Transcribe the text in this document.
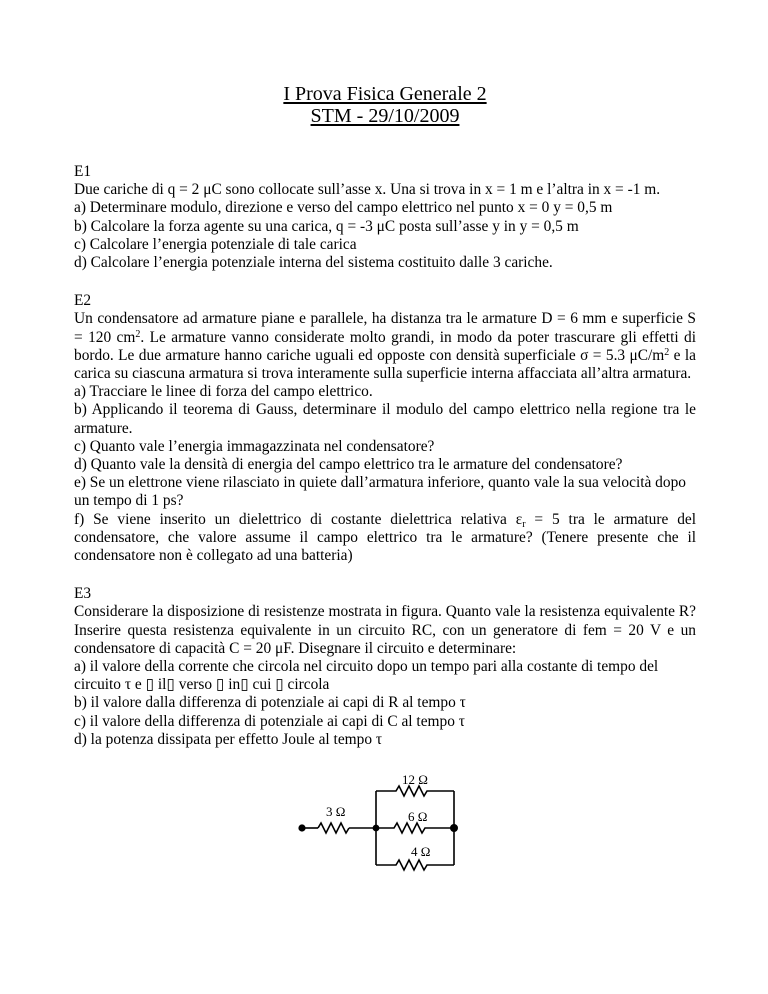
I Prova Fisica Generale 2
STM - 29/10/2009

E1

Due cariche di q = 2 μC sono collocate sull’asse x. Una si trova in x = 1 m e l’altra in x = -1 m.

a) Determinare modulo, direzione e verso del campo elettrico nel punto x = 0 y = 0,5 m

b) Calcolare la forza agente su una carica, q = -3 μC posta sull’asse y in y = 0,5 m

c) Calcolare l’energia potenziale di tale carica

d) Calcolare l’energia potenziale interna del sistema costituito dalle 3 cariche.

E2

Un condensatore ad armature piane e parallele, ha distanza tra le armature D = 6 mm e superficie S = 120 $cm^2$. Le armature vanno considerate molto grandi, in modo da poter trascurare gli effetti di bordo. Le due armature hanno cariche uguali ed opposte con densità superficiale σ = 5.3 $\mu C/m^2$ e la carica su ciascuna armatura si trova interamente sulla superficie interna affacciata all’altra armatura.

a) Tracciare le linee di forza del campo elettrico.

b) Applicando il teorema di Gauss, determinare il modulo del campo elettrico nella regione tra le armature.

c) Quanto vale l’energia immagazzinata nel condensatore?

d) Quanto vale la densità di energia del campo elettrico tra le armature del condensatore?

e) Se un elettrone viene rilasciato in quiete dall’armatura inferiore, quanto vale la sua velocità dopo un tempo di 1 ps?

f) Se viene inserito un dielettrico di costante dielettrica relativa $\varepsilon_r = 5$ tra le armature del condensatore, che valore assume il campo elettrico tra le armature? (Tenere presente che il condensatore non è collegato ad una batteria)

E3

Considerare la disposizione di resistenze mostrata in figura. Quanto vale la resistenza equivalente R? Inserire questa resistenza equivalente in un circuito RC, con un generatore di fem = 20 V e un condensatore di capacità C = 20 μF. Disegnare il circuito e determinare:

a) il valore della corrente che circola nel circuito dopo un tempo pari alla costante di tempo del circuito τ e ▯ il▯ verso ▯ in▯ cui ▯ circola

b) il valore dalla differenza di potenziale ai capi di R al tempo τ

c) il valore della differenza di potenziale ai capi di C al tempo τ

d) la potenza dissipata per effetto Joule al tempo τ

12 Ω
3 Ω	6 Ω
4 Ω
